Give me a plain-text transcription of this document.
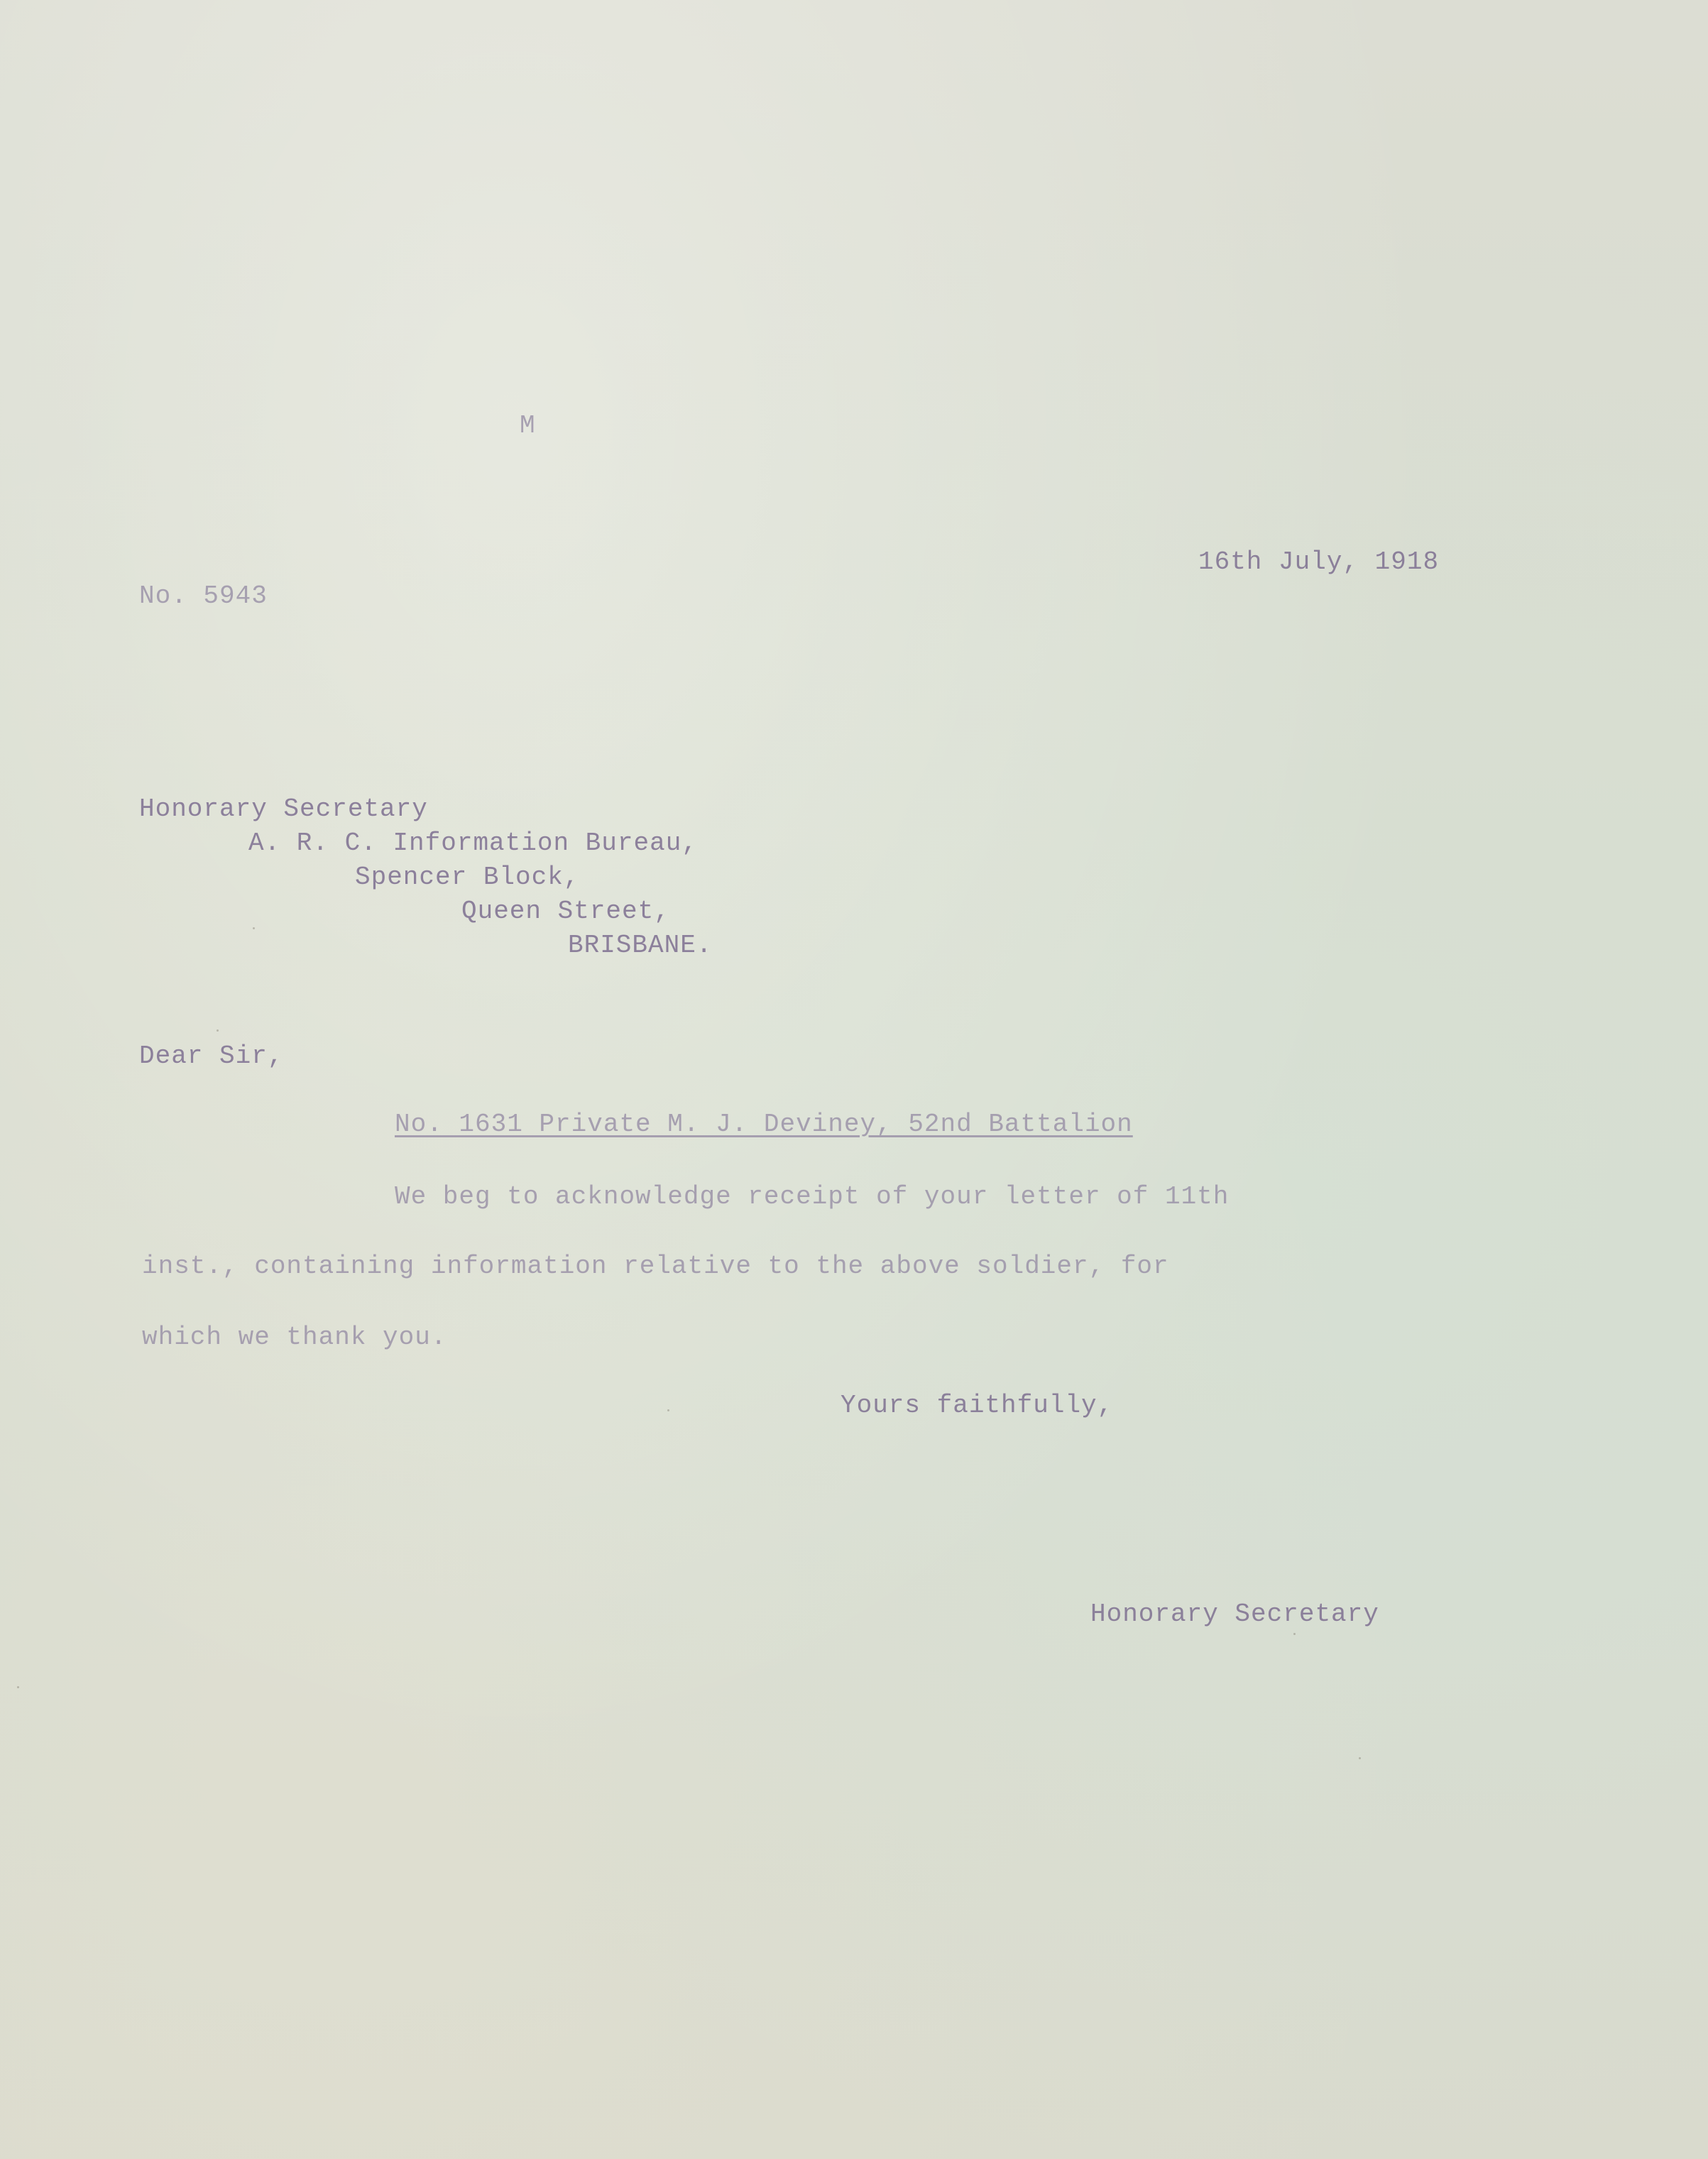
M
16th July, 1918
No. 5943
Honorary Secretary
A. R. C. Information Bureau,
Spencer Block,
Queen Street,
BRISBANE.
Dear Sir,
No. 1631 Private M. J. Deviney, 52nd Battalion
We beg to acknowledge receipt of your letter of 11th
inst., containing information relative to the above soldier, for
which we thank you.
Yours faithfully,
Honorary Secretary
